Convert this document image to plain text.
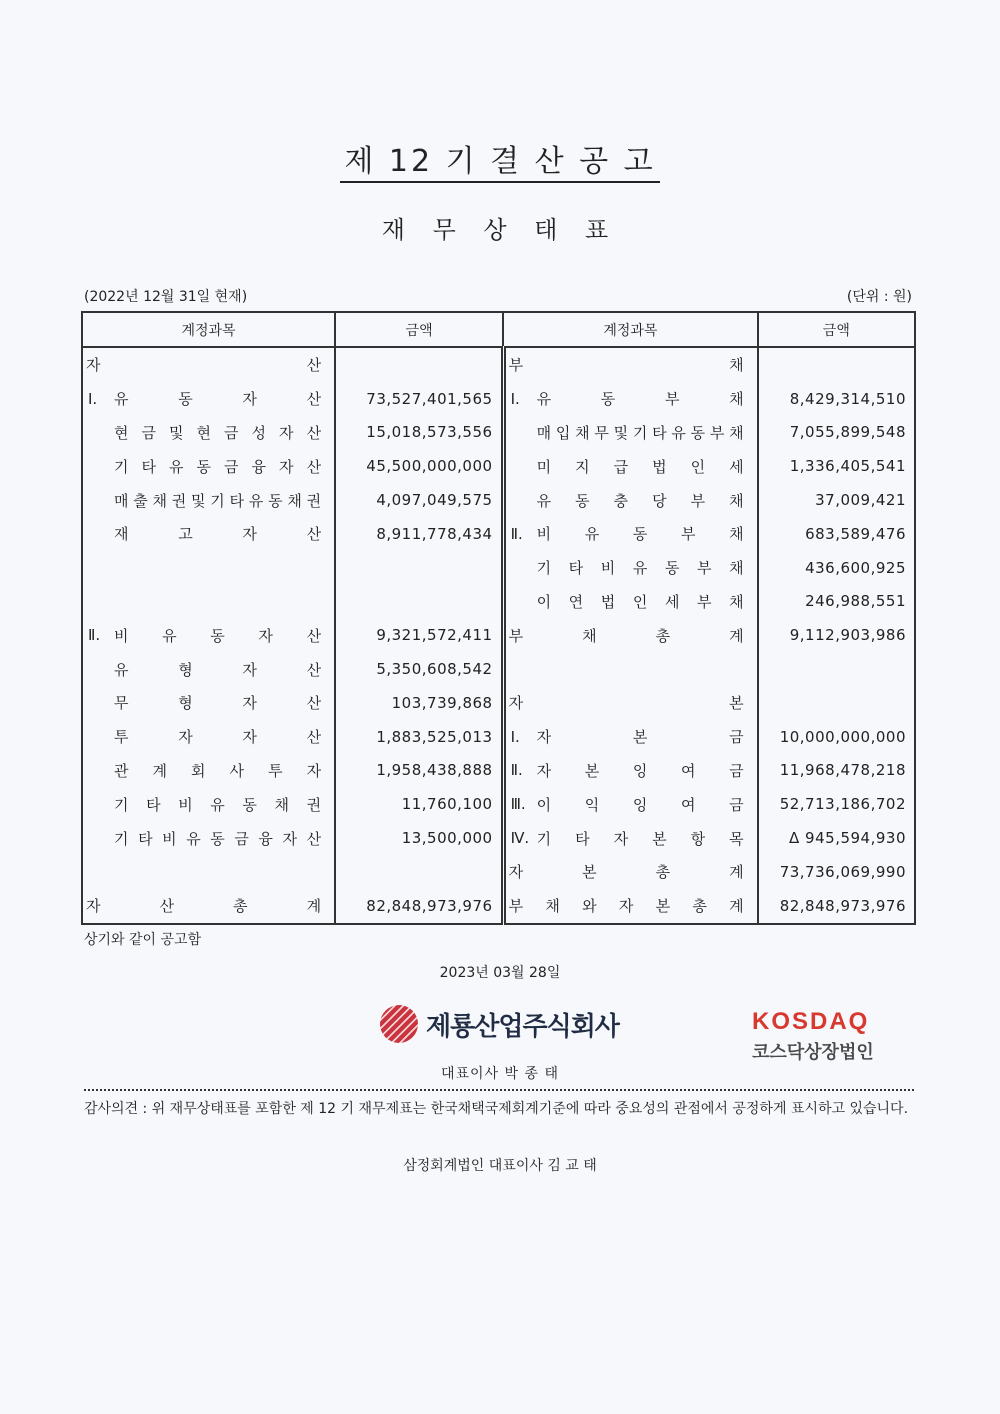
제 12 기 결 산 공 고
재 무 상 태 표
(2022년 12월 31일 현재)	(단위 : 원)
계정과목	금액	계정과목	금액

자 산		부 채	

Ⅰ. 유 동 자 산	73,527,401,565	Ⅰ. 유 동 부 채	8,429,314,510

현 금 및 현 금 성 자 산	15,018,573,556	매 입 채 무 및 기 타 유 동 부 채	7,055,899,548

기 타 유 동 금 융 자 산	45,500,000,000	미 지 급 법 인 세	1,336,405,541

매 출 채 권 및 기 타 유 동 채 권	4,097,049,575	유 동 충 당 부 채	37,009,421

재 고 자 산	8,911,778,434	Ⅱ. 비 유 동 부 채	683,589,476

		기 타 비 유 동 부 채	436,600,925

		이 연 법 인 세 부 채	246,988,551

Ⅱ. 비 유 동 자 산	9,321,572,411	부 채 총 계	9,112,903,986

유 형 자 산	5,350,608,542		

무 형 자 산	103,739,868	자 본	

투 자 자 산	1,883,525,013	Ⅰ. 자 본 금	10,000,000,000

관 계 회 사 투 자	1,958,438,888	Ⅱ. 자 본 잉 여 금	11,968,478,218

기 타 비 유 동 채 권	11,760,100	Ⅲ. 이 익 잉 여 금	52,713,186,702

기 타 비 유 동 금 융 자 산	13,500,000	Ⅳ. 기 타 자 본 항 목	Δ 945,594,930

		자 본 총 계	73,736,069,990

자 산 총 계	82,848,973,976	부 채 와 자 본 총 계	82,848,973,976
상기와 같이 공고함
2023년 03월 28일
제룡산업주식회사
대표이사 박 종 태
KOSDAQ
코스닥상장법인
감사의견 : 위 재무상태표를 포함한 제 12 기 재무제표는 한국채택국제회계기준에 따라 중요성의 관점에서 공정하게 표시하고 있습니다.
삼정회계법인 대표이사 김 교 태
